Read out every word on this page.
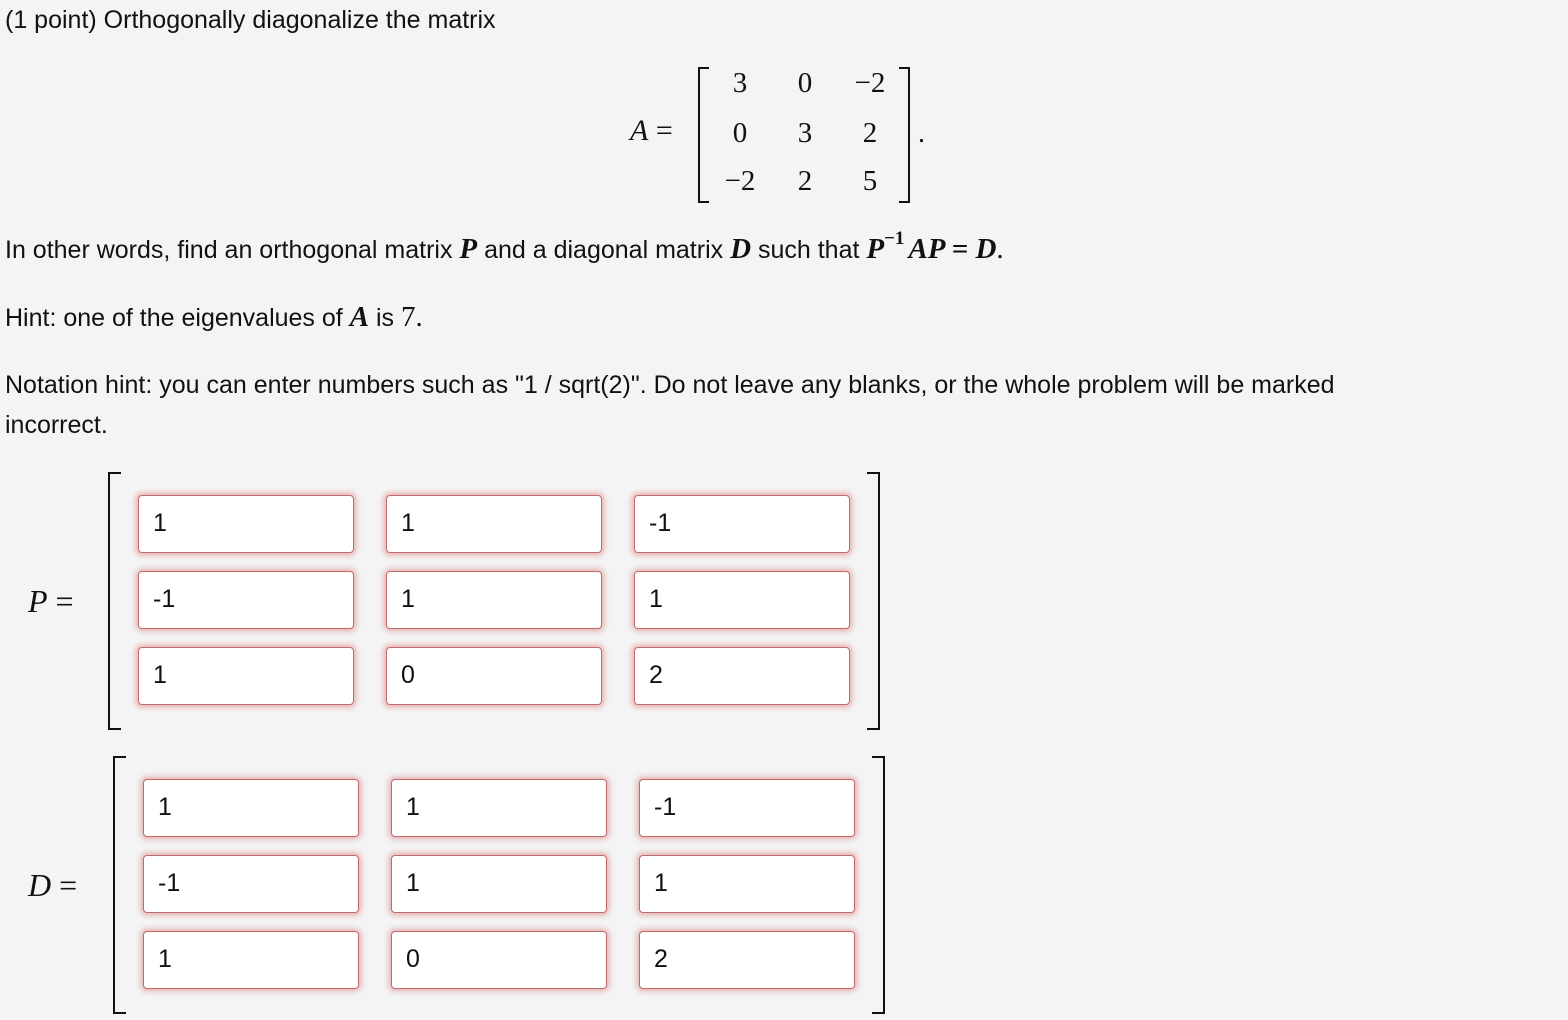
(1 point) Orthogonally diagonalize the matrix
A =
3	0	−2
0	3	2
−2	2	5
.
In other words, find an orthogonal matrix P and a diagonal matrix D such that $P^{-1}$ AP = D.
Hint: one of the eigenvalues of A is 7.
Notation hint: you can enter numbers such as "1 / sqrt(2)". Do not leave any blanks, or the whole problem will be marked
incorrect.
P =
1	1	-1
-1	1	1
1	0	2
D =
1	1	-1
-1	1	1
1	0	2
